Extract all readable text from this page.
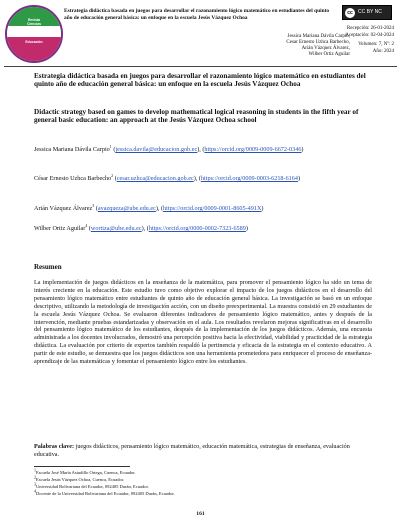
Revista
Ciencias
Educación
Estrategia didáctica basada en juegos para desarrollar el razonamiento lógico matemático en estudiantes del quinto año de educación general básica: un enfoque en la escuela Jesús Vázquez Ochoa
Jessica Mariana Dávila Carpio,
Cesar Ernesto Uzhca Barbecho,
Arián Vázquez Álvarez,
Wilber Ortiz Aguilar
cc	CC BY NC
Recepción: 26-01-2024
Aceptación: 02-04-2024
Volumen: 7, Nº: 2
Año: 2024
Estrategia didáctica basada en juegos para desarrollar el razonamiento lógico matemático en estudiantes del quinto año de educación general básica: un enfoque en la escuela Jesús Vázquez Ochoa
Didactic strategy based on games to develop mathematical logical reasoning in students in the fifth year of general basic education: an approach at the Jesús Vázquez Ochoa school
Jessica Mariana Dávila Carpio$^1$ (jessica.davila@educacion.gob.ec), (https://orcid.org/0009-0009-6672-0346)
César Ernesto Uzhca Barbecho$^2$ (cesar.uzhca@educacion.gob.ec), (https://orcid.org/0009-0003-6218-6164)
Arián Vázquez Álvarez$^3$ (avazqueza@ube.edu.ec), (https://orcid.org/0009-0001-8605-491X)
Wilber Ortiz Aguilar$^4$ (wortiza@ube.edu.ec), (https://orcid.org/0000-0002-7323-6589)
Resumen

La implementación de juegos didácticos en la enseñanza de la matemática, para promover el pensamiento lógico ha sido un tema de interés creciente en la educación. Este estudio tuvo como objetivo explorar el impacto de los juegos didácticos en el desarrollo del pensamiento lógico matemático entre estudiantes de quinto año de educación general básica. La investigación se basó en un enfoque descriptivo, utilizando la metodología de investigación acción, con un diseño preexperimental. La muestra consistió en 29 estudiantes de la escuela Jesús Vázquez Ochoa. Se evaluaron diferentes indicadores de pensamiento lógico matemático, antes y después de la intervención, mediante pruebas estandarizadas y observación en el aula. Los resultados revelaron mejoras significativas en el desarrollo del pensamiento lógico matemático de los estudiantes, después de la implementación de los juegos didácticos. Además, una encuesta administrada a los docentes involucrados, demostró una percepción positiva hacia la efectividad, viabilidad y practicidad de la estrategia didáctica. La evaluación por criterio de expertos también respaldó la pertinencia y eficacia de la estrategia en el contexto educativo. A partir de este estudio, se demuestra que los juegos didácticos son una herramienta prometedora para enriquecer el proceso de enseñanza-aprendizaje de las matemáticas y fomentar el pensamiento lógico entre los estudiantes.

Palabras clave: juegos didácticos, pensamiento lógico matemático, educación matemática, estrategias de enseñanza, evaluación educativa.

$^1$Escuela José María Astudillo Ortega, Cuenca, Ecuador.
$^2$Escuela Jesús Vázquez Ochoa, Cuenca, Ecuador.
$^3$Universidad Bolivariana del Ecuador, 092405 Durán, Ecuador.
$^4$Docente de la Universidad Bolivariana del Ecuador, 092405 Durán, Ecuador.
161
